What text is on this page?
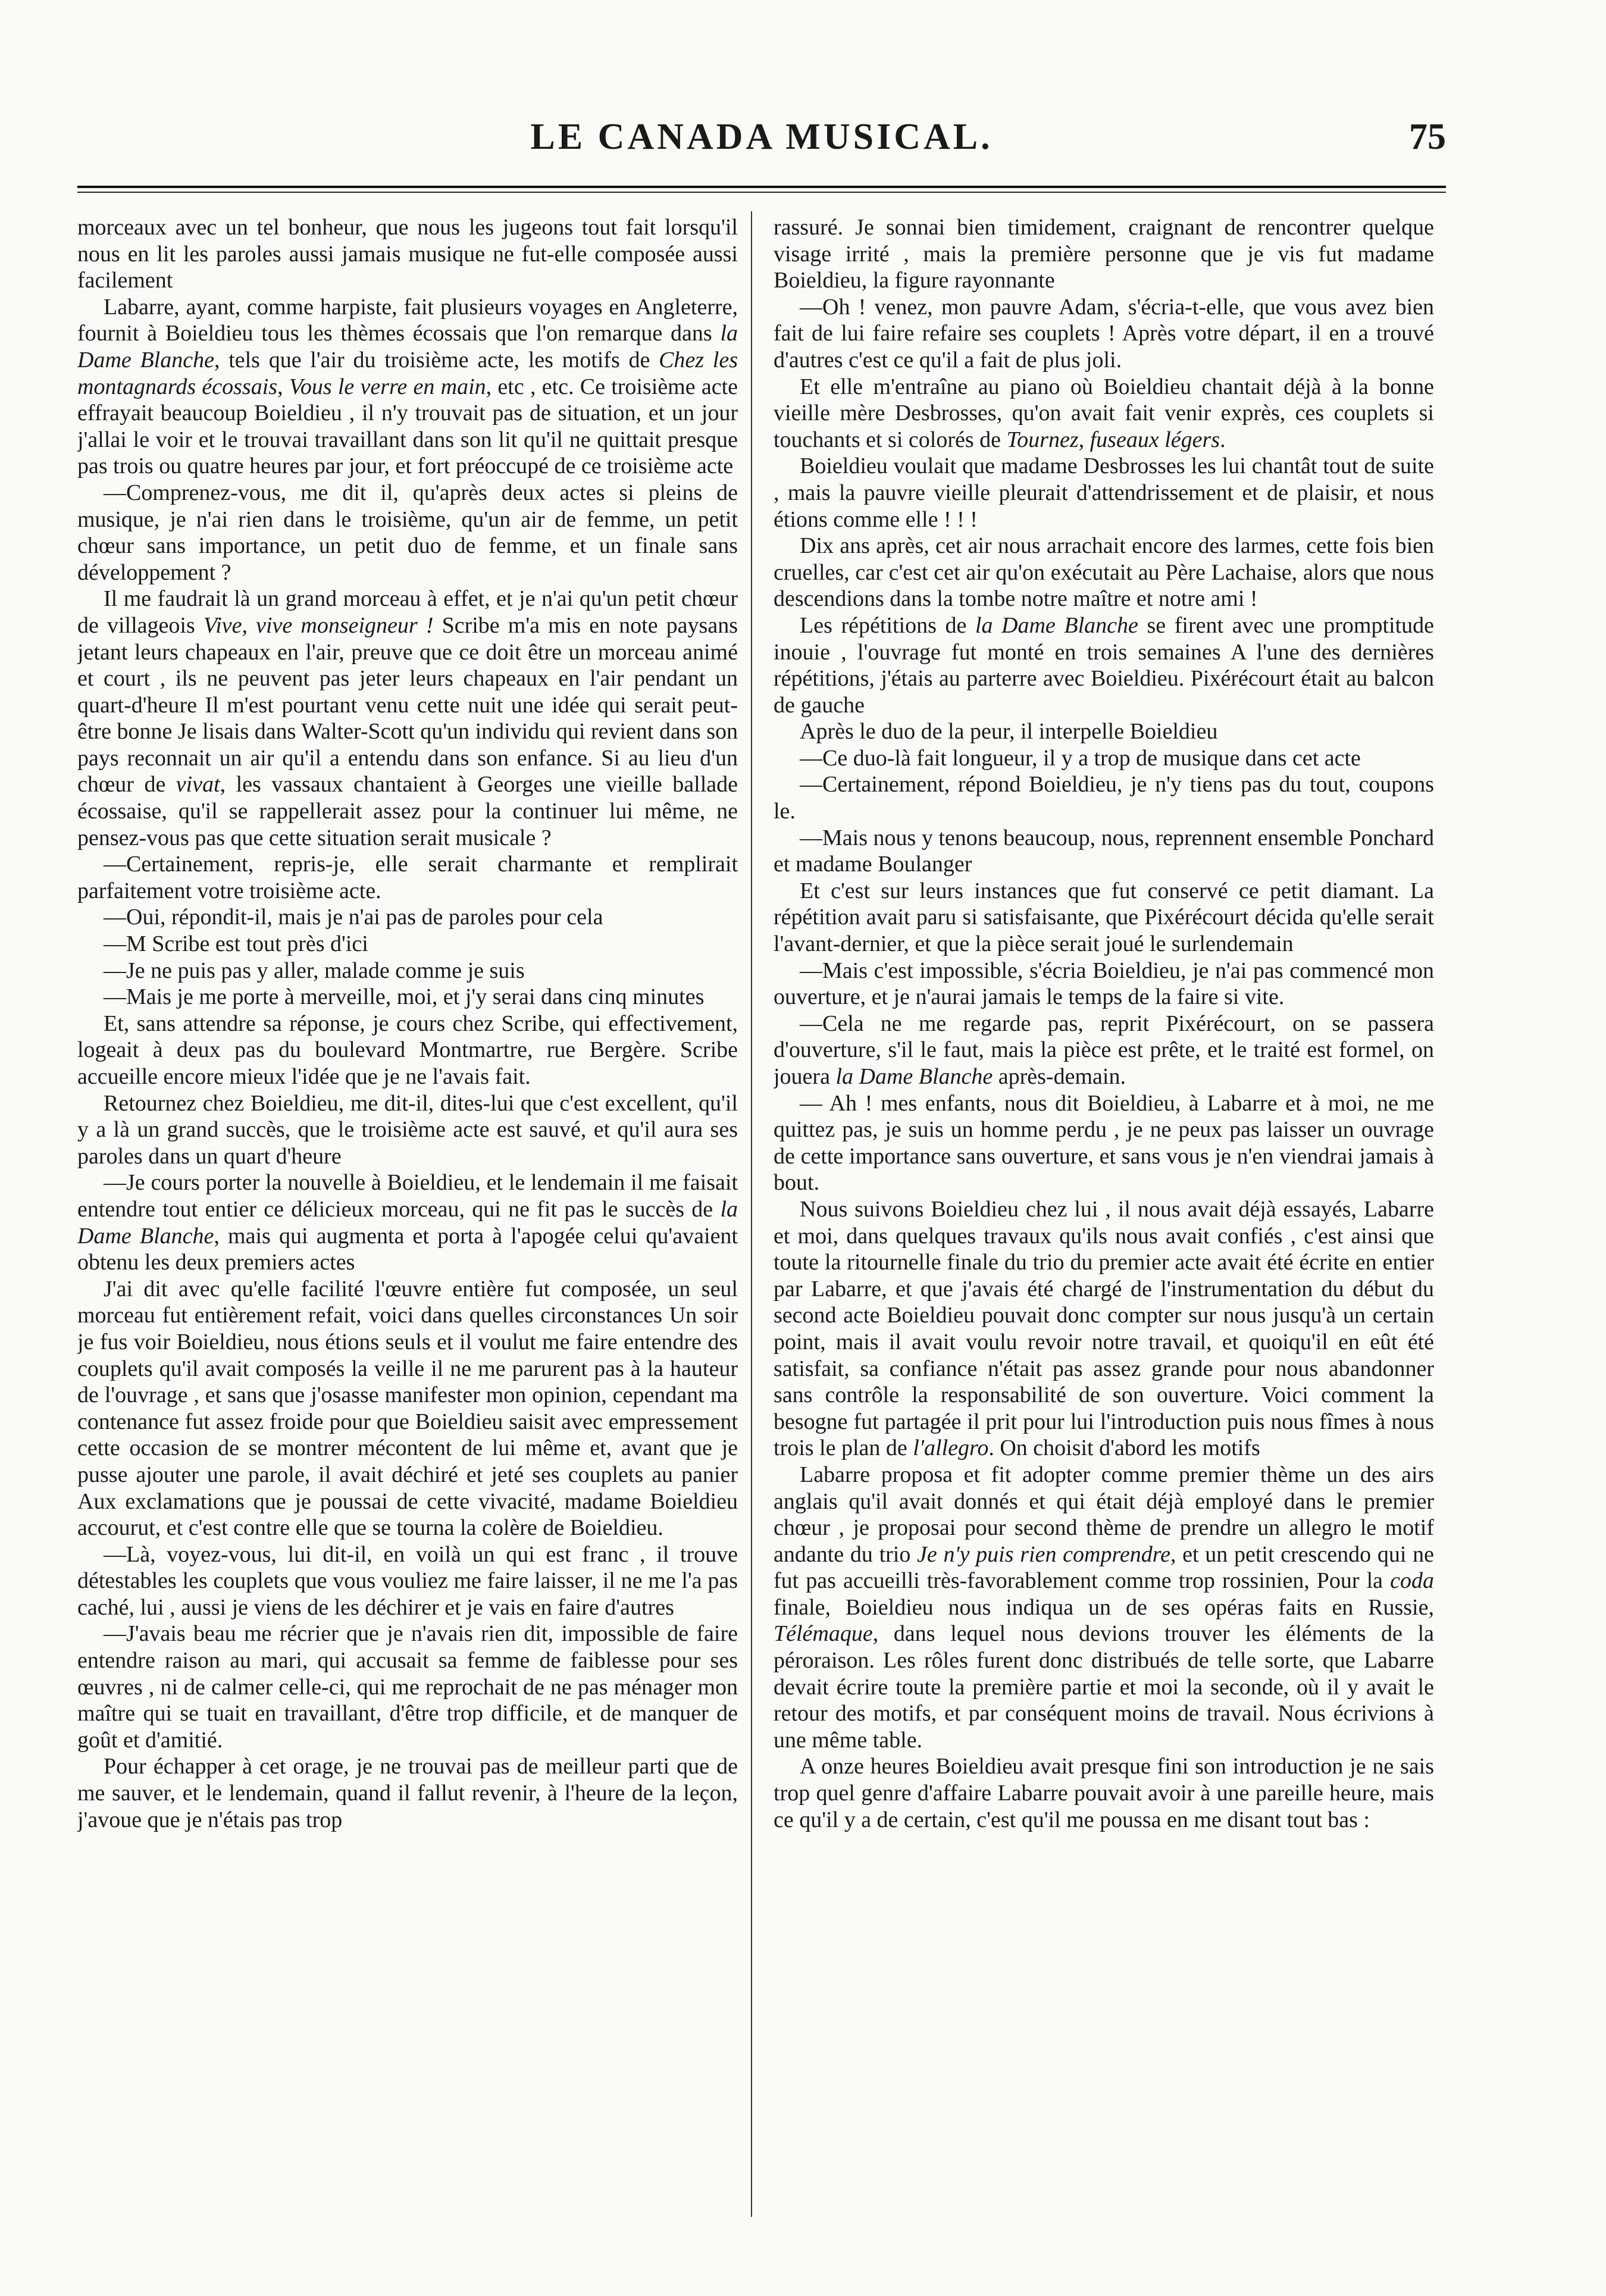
LE CANADA MUSICAL.	75

morceaux avec un tel bonheur, que nous les jugeons tout fait lorsqu'il nous en lit les paroles aussi jamais musique ne fut-elle composée aussi facilement

Labarre, ayant, comme harpiste, fait plusieurs voyages en Angleterre, fournit à Boieldieu tous les thèmes écossais que l'on remarque dans la Dame Blanche, tels que l'air du troisième acte, les motifs de Chez les montagnards écossais, Vous le verre en main, etc , etc. Ce troisième acte effrayait beaucoup Boieldieu , il n'y trouvait pas de situation, et un jour j'allai le voir et le trouvai travaillant dans son lit qu'il ne quittait presque pas trois ou quatre heures par jour, et fort préoccupé de ce troisième acte

—Comprenez-vous, me dit il, qu'après deux actes si pleins de musique, je n'ai rien dans le troisième, qu'un air de femme, un petit chœur sans importance, un petit duo de femme, et un finale sans développement ?

Il me faudrait là un grand morceau à effet, et je n'ai qu'un petit chœur de villageois Vive, vive monseigneur ! Scribe m'a mis en note paysans jetant leurs chapeaux en l'air, preuve que ce doit être un morceau animé et court , ils ne peuvent pas jeter leurs chapeaux en l'air pendant un quart-d'heure Il m'est pourtant venu cette nuit une idée qui serait peut-être bonne Je lisais dans Walter-Scott qu'un individu qui revient dans son pays reconnait un air qu'il a entendu dans son enfance. Si au lieu d'un chœur de vivat, les vassaux chantaient à Georges une vieille ballade écossaise, qu'il se rappellerait assez pour la continuer lui même, ne pensez-vous pas que cette situation serait musicale ?

—Certainement, repris-je, elle serait charmante et remplirait parfaitement votre troisième acte.

—Oui, répondit-il, mais je n'ai pas de paroles pour cela

—M Scribe est tout près d'ici

—Je ne puis pas y aller, malade comme je suis

—Mais je me porte à merveille, moi, et j'y serai dans cinq minutes

Et, sans attendre sa réponse, je cours chez Scribe, qui effectivement, logeait à deux pas du boulevard Montmartre, rue Bergère. Scribe accueille encore mieux l'idée que je ne l'avais fait.

Retournez chez Boieldieu, me dit-il, dites-lui que c'est excellent, qu'il y a là un grand succès, que le troisième acte est sauvé, et qu'il aura ses paroles dans un quart d'heure

—Je cours porter la nouvelle à Boieldieu, et le lendemain il me faisait entendre tout entier ce délicieux morceau, qui ne fit pas le succès de la Dame Blanche, mais qui augmenta et porta à l'apogée celui qu'avaient obtenu les deux premiers actes

J'ai dit avec qu'elle facilité l'œuvre entière fut composée, un seul morceau fut entièrement refait, voici dans quelles circonstances Un soir je fus voir Boieldieu, nous étions seuls et il voulut me faire entendre des couplets qu'il avait composés la veille il ne me parurent pas à la hauteur de l'ouvrage , et sans que j'osasse manifester mon opinion, cependant ma contenance fut assez froide pour que Boieldieu saisit avec empressement cette occasion de se montrer mécontent de lui même et, avant que je pusse ajouter une parole, il avait déchiré et jeté ses couplets au panier Aux exclamations que je poussai de cette vivacité, madame Boieldieu accourut, et c'est contre elle que se tourna la colère de Boieldieu.

—Là, voyez-vous, lui dit-il, en voilà un qui est franc , il trouve détestables les couplets que vous vouliez me faire laisser, il ne me l'a pas caché, lui , aussi je viens de les déchirer et je vais en faire d'autres

—J'avais beau me récrier que je n'avais rien dit, impossible de faire entendre raison au mari, qui accusait sa femme de faiblesse pour ses œuvres , ni de calmer celle-ci, qui me reprochait de ne pas ménager mon maître qui se tuait en travaillant, d'être trop difficile, et de manquer de goût et d'amitié.

Pour échapper à cet orage, je ne trouvai pas de meilleur parti que de me sauver, et le lendemain, quand il fallut revenir, à l'heure de la leçon, j'avoue que je n'étais pas trop

rassuré. Je sonnai bien timidement, craignant de rencontrer quelque visage irrité , mais la première personne que je vis fut madame Boieldieu, la figure rayonnante

—Oh ! venez, mon pauvre Adam, s'écria-t-elle, que vous avez bien fait de lui faire refaire ses couplets ! Après votre départ, il en a trouvé d'autres c'est ce qu'il a fait de plus joli.

Et elle m'entraîne au piano où Boieldieu chantait déjà à la bonne vieille mère Desbrosses, qu'on avait fait venir exprès, ces couplets si touchants et si colorés de Tournez, fuseaux légers.

Boieldieu voulait que madame Desbrosses les lui chantât tout de suite , mais la pauvre vieille pleurait d'attendrissement et de plaisir, et nous étions comme elle ! ! !

Dix ans après, cet air nous arrachait encore des larmes, cette fois bien cruelles, car c'est cet air qu'on exécutait au Père Lachaise, alors que nous descendions dans la tombe notre maître et notre ami !

Les répétitions de la Dame Blanche se firent avec une promptitude inouie , l'ouvrage fut monté en trois semaines A l'une des dernières répétitions, j'étais au parterre avec Boieldieu. Pixérécourt était au balcon de gauche

Après le duo de la peur, il interpelle Boieldieu

—Ce duo-là fait longueur, il y a trop de musique dans cet acte

—Certainement, répond Boieldieu, je n'y tiens pas du tout, coupons le.

—Mais nous y tenons beaucoup, nous, reprennent ensemble Ponchard et madame Boulanger

Et c'est sur leurs instances que fut conservé ce petit diamant. La répétition avait paru si satisfaisante, que Pixérécourt décida qu'elle serait l'avant-dernier, et que la pièce serait joué le surlendemain

—Mais c'est impossible, s'écria Boieldieu, je n'ai pas commencé mon ouverture, et je n'aurai jamais le temps de la faire si vite.

—Cela ne me regarde pas, reprit Pixérécourt, on se passera d'ouverture, s'il le faut, mais la pièce est prête, et le traité est formel, on jouera la Dame Blanche après-demain.

— Ah ! mes enfants, nous dit Boieldieu, à Labarre et à moi, ne me quittez pas, je suis un homme perdu , je ne peux pas laisser un ouvrage de cette importance sans ouverture, et sans vous je n'en viendrai jamais à bout.

Nous suivons Boieldieu chez lui , il nous avait déjà essayés, Labarre et moi, dans quelques travaux qu'ils nous avait confiés , c'est ainsi que toute la ritournelle finale du trio du premier acte avait été écrite en entier par Labarre, et que j'avais été chargé de l'instrumentation du début du second acte Boieldieu pouvait donc compter sur nous jusqu'à un certain point, mais il avait voulu revoir notre travail, et quoiqu'il en eût été satisfait, sa confiance n'était pas assez grande pour nous abandonner sans contrôle la responsabilité de son ouverture. Voici comment la besogne fut partagée il prit pour lui l'introduction puis nous fîmes à nous trois le plan de l'allegro. On choisit d'abord les motifs

Labarre proposa et fit adopter comme premier thème un des airs anglais qu'il avait donnés et qui était déjà employé dans le premier chœur , je proposai pour second thème de prendre un allegro le motif andante du trio Je n'y puis rien comprendre, et un petit crescendo qui ne fut pas accueilli très-favorablement comme trop rossinien, Pour la coda finale, Boieldieu nous indiqua un de ses opéras faits en Russie, Télémaque, dans lequel nous devions trouver les éléments de la péroraison. Les rôles furent donc distribués de telle sorte, que Labarre devait écrire toute la première partie et moi la seconde, où il y avait le retour des motifs, et par conséquent moins de travail. Nous écrivions à une même table.

A onze heures Boieldieu avait presque fini son introduction je ne sais trop quel genre d'affaire Labarre pouvait avoir à une pareille heure, mais ce qu'il y a de certain, c'est qu'il me poussa en me disant tout bas :
